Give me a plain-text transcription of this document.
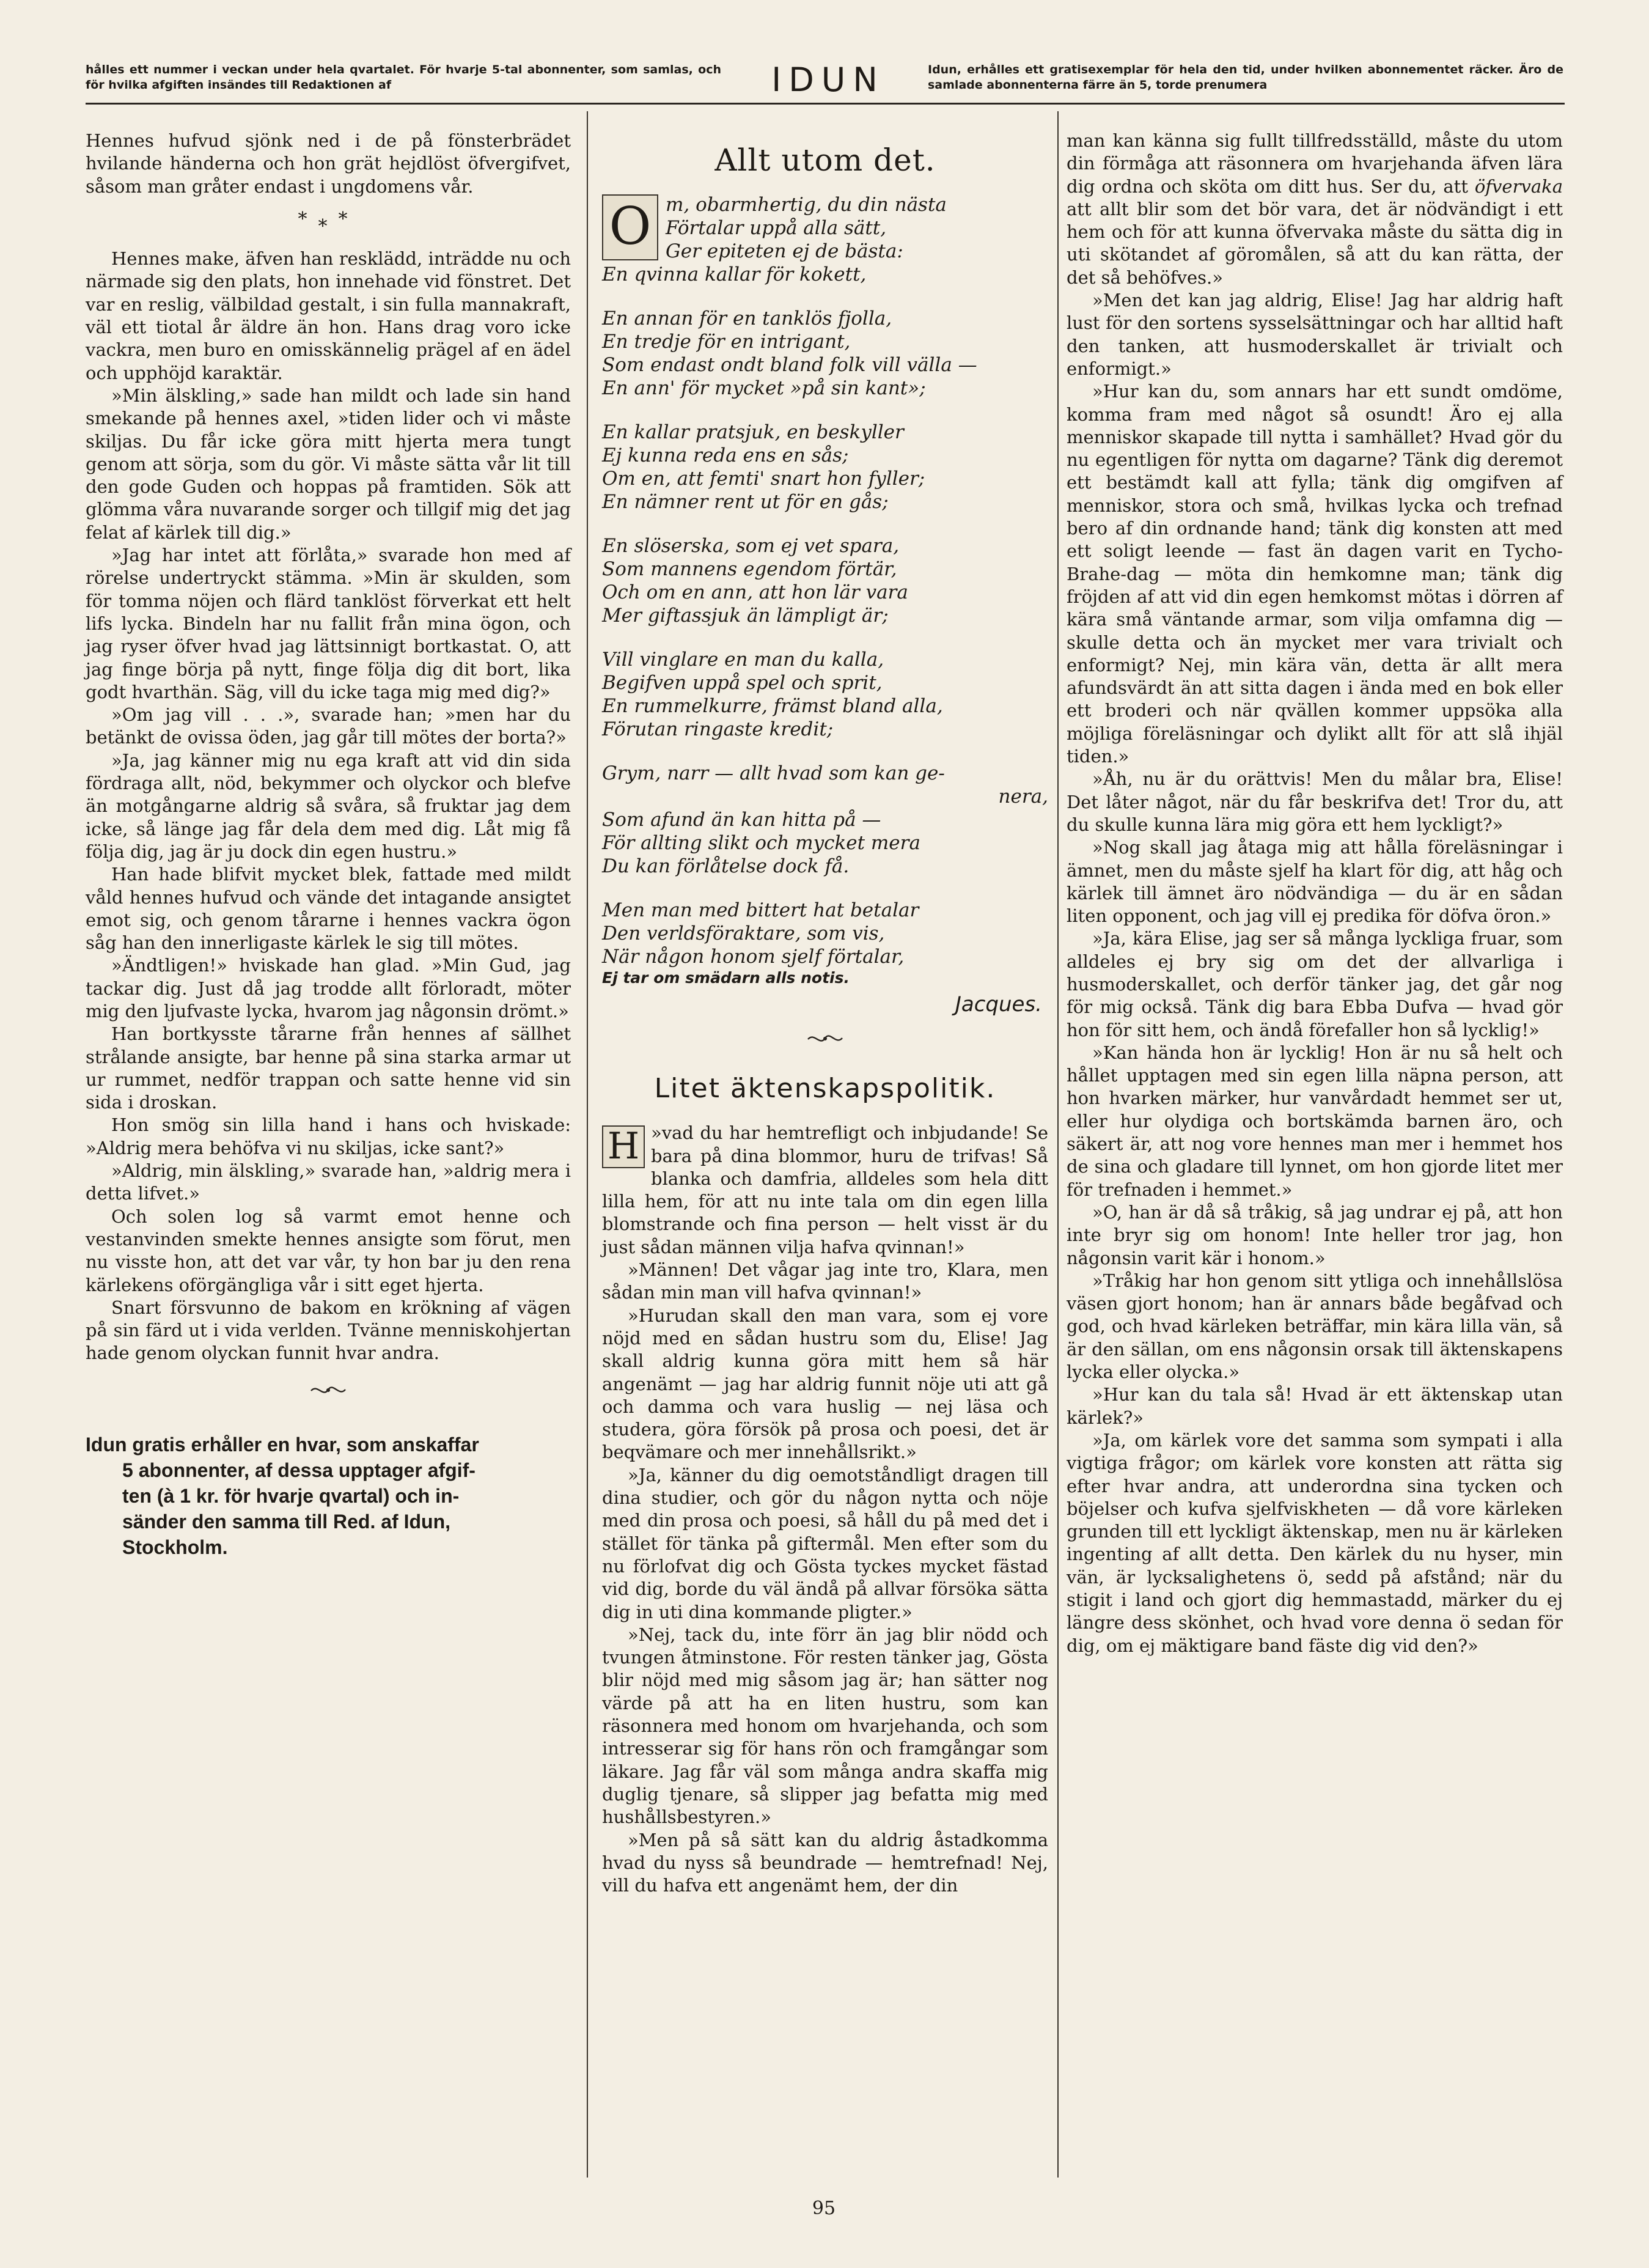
hålles ett nummer i veckan under hela qvartalet. För hvarje 5-tal abonnenter, som samlas, och för hvilka afgiften insändes till Redaktionen af	IDUN	Idun, erhålles ett gratisexemplar för hela den tid, under hvilken abonnementet räcker. Äro de samlade abonnenterna färre än 5, torde prenumera

Hennes hufvud sjönk ned i de på fönsterbrädet hvilande händerna och hon grät hejdlöst öfvergifvet, såsom man gråter endast i ungdomens vår.

***

Hennes make, äfven han resklädd, inträdde nu och närmade sig den plats, hon innehade vid fönstret. Det var en reslig, välbildad gestalt, i sin fulla mannakraft, väl ett tiotal år äldre än hon. Hans drag voro icke vackra, men buro en omisskännelig prägel af en ädel och upphöjd karaktär.

»Min älskling,» sade han mildt och lade sin hand smekande på hennes axel, »tiden lider och vi måste skiljas. Du får icke göra mitt hjerta mera tungt genom att sörja, som du gör. Vi måste sätta vår lit till den gode Guden och hoppas på framtiden. Sök att glömma våra nuvarande sorger och tillgif mig det jag felat af kärlek till dig.»

»Jag har intet att förlåta,» svarade hon med af rörelse undertryckt stämma. »Min är skulden, som för tomma nöjen och flärd tanklöst förverkat ett helt lifs lycka. Bindeln har nu fallit från mina ögon, och jag ryser öfver hvad jag lättsinnigt bortkastat. O, att jag finge börja på nytt, finge följa dig dit bort, lika godt hvarthän. Säg, vill du icke taga mig med dig?»

»Om jag vill . . .», svarade han; »men har du betänkt de ovissa öden, jag går till mötes der borta?»

»Ja, jag känner mig nu ega kraft att vid din sida fördraga allt, nöd, bekymmer och olyckor och blefve än motgångarne aldrig så svåra, så fruktar jag dem icke, så länge jag får dela dem med dig. Låt mig få följa dig, jag är ju dock din egen hustru.»

Han hade blifvit mycket blek, fattade med mildt våld hennes hufvud och vände det intagande ansigtet emot sig, och genom tårarne i hennes vackra ögon såg han den innerligaste kärlek le sig till mötes.

»Ändtligen!» hviskade han glad. »Min Gud, jag tackar dig. Just då jag trodde allt förloradt, möter mig den ljufvaste lycka, hvarom jag någonsin drömt.»

Han bortkysste tårarne från hennes af sällhet strålande ansigte, bar henne på sina starka armar ut ur rummet, nedför trappan och satte henne vid sin sida i droskan.

Hon smög sin lilla hand i hans och hviskade: »Aldrig mera behöfva vi nu skiljas, icke sant?»

»Aldrig, min älskling,» svarade han, »aldrig mera i detta lifvet.»

Och solen log så varmt emot henne och vestanvinden smekte hennes ansigte som förut, men nu visste hon, att det var vår, ty hon bar ju den rena kärlekens oförgängliga vår i sitt eget hjerta.

Snart försvunno de bakom en krökning af vägen på sin färd ut i vida verlden. Tvänne menniskohjertan hade genom olyckan funnit hvar andra.

Idun gratis erhåller en hvar, som anskaffar
5 abonnenter, af dessa upptager afgif-
ten (à 1 kr. för hvarje qvartal) och in-
sänder den samma till Red. af Idun,
Stockholm.
Allt utom det.
O m, obarmhertig, du din nästa
Förtalar uppå alla sätt,
Ger epiteten ej de bästa:
En qvinna kallar för kokett,
En annan för en tanklös fjolla,
En tredje för en intrigant,
Som endast ondt bland folk vill välla —
En ann' för mycket »på sin kant»;
En kallar pratsjuk, en beskyller
Ej kunna reda ens en sås;
Om en, att femti' snart hon fyller;
En nämner rent ut för en gås;
En slöserska, som ej vet spara,
Som mannens egendom förtär,
Och om en ann, att hon lär vara
Mer giftassjuk än lämpligt är;
Vill vinglare en man du kalla,
Begifven uppå spel och sprit,
En rummelkurre, främst bland alla,
Förutan ringaste kredit;
Grym, narr — allt hvad som kan ge-
nera,
Som afund än kan hitta på —
För allting slikt och mycket mera
Du kan förlåtelse dock få.
Men man med bittert hat betalar
Den verldsföraktare, som vis,
När någon honom sjelf förtalar,
Ej tar om smädarn alls notis.
Jacques.
Litet äktenskapspolitik.

H »vad du har hemtrefligt och inbjudande! Se bara på dina blommor, huru de trifvas! Så blanka och damfria, alldeles som hela ditt lilla hem, för att nu inte tala om din egen lilla blomstrande och fina person — helt visst är du just sådan männen vilja hafva qvinnan!»

»Männen! Det vågar jag inte tro, Klara, men sådan min man vill hafva qvinnan!»

»Hurudan skall den man vara, som ej vore nöjd med en sådan hustru som du, Elise! Jag skall aldrig kunna göra mitt hem så här angenämt — jag har aldrig funnit nöje uti att gå och damma och vara huslig — nej läsa och studera, göra försök på prosa och poesi, det är beqvämare och mer innehållsrikt.»

»Ja, känner du dig oemotståndligt dragen till dina studier, och gör du någon nytta och nöje med din prosa och poesi, så håll du på med det i stället för tänka på giftermål. Men efter som du nu förlofvat dig och Gösta tyckes mycket fästad vid dig, borde du väl ändå på allvar försöka sätta dig in uti dina kommande pligter.»

»Nej, tack du, inte förr än jag blir nödd och tvungen åtminstone. För resten tänker jag, Gösta blir nöjd med mig såsom jag är; han sätter nog värde på att ha en liten hustru, som kan räsonnera med honom om hvarjehanda, och som intresserar sig för hans rön och framgångar som läkare. Jag får väl som många andra skaffa mig duglig tjenare, så slipper jag befatta mig med hushållsbestyren.»

»Men på så sätt kan du aldrig åstadkomma hvad du nyss så beundrade — hemtrefnad! Nej, vill du hafva ett angenämt hem, der din

man kan känna sig fullt tillfredsställd, måste du utom din förmåga att räsonnera om hvarjehanda äfven lära dig ordna och sköta om ditt hus. Ser du, att öfvervaka att allt blir som det bör vara, det är nödvändigt i ett hem och för att kunna öfvervaka måste du sätta dig in uti skötandet af göromålen, så att du kan rätta, der det så behöfves.»

»Men det kan jag aldrig, Elise! Jag har aldrig haft lust för den sortens sysselsättningar och har alltid haft den tanken, att husmoderskallet är trivialt och enformigt.»

»Hur kan du, som annars har ett sundt omdöme, komma fram med något så osundt! Äro ej alla menniskor skapade till nytta i samhället? Hvad gör du nu egentligen för nytta om dagarne? Tänk dig deremot ett bestämdt kall att fylla; tänk dig omgifven af menniskor, stora och små, hvilkas lycka och trefnad bero af din ordnande hand; tänk dig konsten att med ett soligt leende — fast än dagen varit en Tycho-Brahe-dag — möta din hemkomne man; tänk dig fröjden af att vid din egen hemkomst mötas i dörren af kära små väntande armar, som vilja omfamna dig — skulle detta och än mycket mer vara trivialt och enformigt? Nej, min kära vän, detta är allt mera afundsvärdt än att sitta dagen i ända med en bok eller ett broderi och när qvällen kommer uppsöka alla möjliga föreläsningar och dylikt allt för att slå ihjäl tiden.»

»Åh, nu är du orättvis! Men du målar bra, Elise! Det låter något, när du får beskrifva det! Tror du, att du skulle kunna lära mig göra ett hem lyckligt?»

»Nog skall jag åtaga mig att hålla föreläsningar i ämnet, men du måste sjelf ha klart för dig, att håg och kärlek till ämnet äro nödvändiga — du är en sådan liten opponent, och jag vill ej predika för döfva öron.»

»Ja, kära Elise, jag ser så många lyckliga fruar, som alldeles ej bry sig om det der allvarliga i husmoderskallet, och derför tänker jag, det går nog för mig också. Tänk dig bara Ebba Dufva — hvad gör hon för sitt hem, och ändå förefaller hon så lycklig!»

»Kan hända hon är lycklig! Hon är nu så helt och hållet upptagen med sin egen lilla näpna person, att hon hvarken märker, hur vanvårdadt hemmet ser ut, eller hur olydiga och bortskämda barnen äro, och säkert är, att nog vore hennes man mer i hemmet hos de sina och gladare till lynnet, om hon gjorde litet mer för trefnaden i hemmet.»

»O, han är då så tråkig, så jag undrar ej på, att hon inte bryr sig om honom! Inte heller tror jag, hon någonsin varit kär i honom.»

»Tråkig har hon genom sitt ytliga och innehållslösa väsen gjort honom; han är annars både begåfvad och god, och hvad kärleken beträffar, min kära lilla vän, så är den sällan, om ens någonsin orsak till äktenskapens lycka eller olycka.»

»Hur kan du tala så! Hvad är ett äktenskap utan kärlek?»

»Ja, om kärlek vore det samma som sympati i alla vigtiga frågor; om kärlek vore konsten att rätta sig efter hvar andra, att underordna sina tycken och böjelser och kufva sjelfviskheten — då vore kärleken grunden till ett lyckligt äktenskap, men nu är kärleken ingenting af allt detta. Den kärlek du nu hyser, min vän, är lycksalighetens ö, sedd på afstånd; när du stigit i land och gjort dig hemmastadd, märker du ej längre dess skönhet, och hvad vore denna ö sedan för dig, om ej mäktigare band fäste dig vid den?»

95
